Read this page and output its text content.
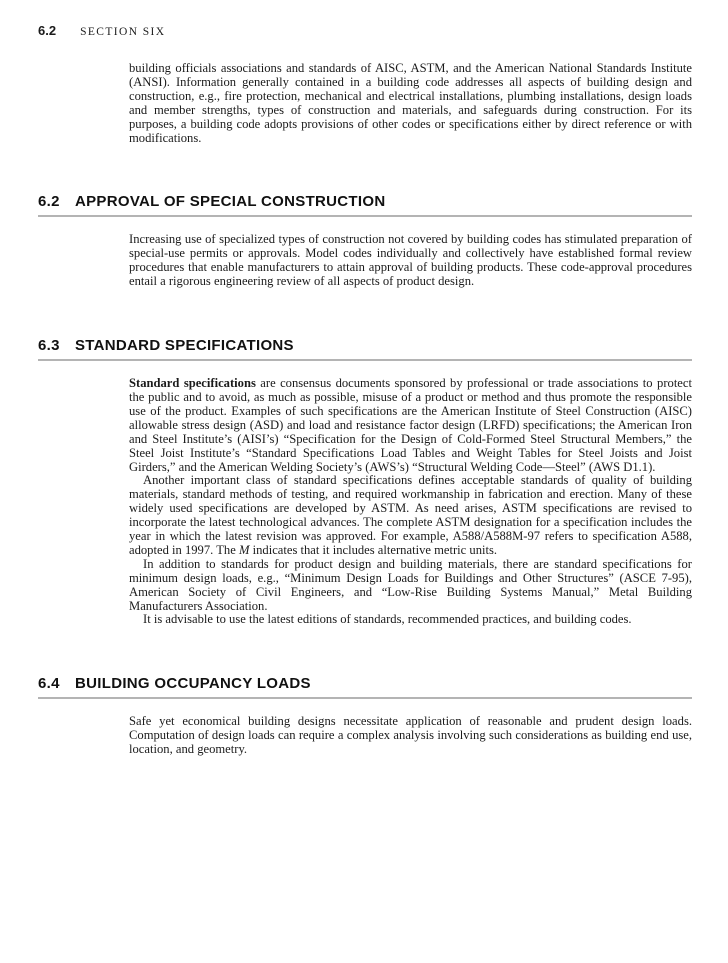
6.2 SECTION SIX

building officials associations and standards of AISC, ASTM, and the American National Standards Institute (ANSI). Information generally contained in a building code addresses all aspects of building design and construction, e.g., fire protection, mechanical and electrical installations, plumbing installations, design loads and member strengths, types of construction and materials, and safeguards during construction. For its purposes, a building code adopts provisions of other codes or specifications either by direct reference or with modifications.

6.2	APPROVAL OF SPECIAL CONSTRUCTION

Increasing use of specialized types of construction not covered by building codes has stimulated preparation of special-use permits or approvals. Model codes individually and collectively have established formal review procedures that enable manufacturers to attain approval of building products. These code-approval procedures entail a rigorous engineering review of all aspects of product design.

6.3	STANDARD SPECIFICATIONS

Standard specifications are consensus documents sponsored by professional or trade associations to protect the public and to avoid, as much as possible, misuse of a product or method and thus promote the responsible use of the product. Examples of such specifications are the American Institute of Steel Construction (AISC) allowable stress design (ASD) and load and resistance factor design (LRFD) specifications; the American Iron and Steel Institute’s (AISI’s) “Specification for the Design of Cold-Formed Steel Structural Members,” the Steel Joist Institute’s “Standard Specifications Load Tables and Weight Tables for Steel Joists and Joist Girders,” and the American Welding Society’s (AWS’s) “Structural Welding Code—Steel” (AWS D1.1).

Another important class of standard specifications defines acceptable standards of quality of building materials, standard methods of testing, and required workmanship in fabrication and erection. Many of these widely used specifications are developed by ASTM. As need arises, ASTM specifications are revised to incorporate the latest technological advances. The complete ASTM designation for a specification includes the year in which the latest revision was approved. For example, A588/A588M-97 refers to specification A588, adopted in 1997. The M indicates that it includes alternative metric units.

In addition to standards for product design and building materials, there are standard specifications for minimum design loads, e.g., “Minimum Design Loads for Buildings and Other Structures” (ASCE 7-95), American Society of Civil Engineers, and “Low-Rise Building Systems Manual,” Metal Building Manufacturers Association.

It is advisable to use the latest editions of standards, recommended practices, and building codes.

6.4	BUILDING OCCUPANCY LOADS

Safe yet economical building designs necessitate application of reasonable and prudent design loads. Computation of design loads can require a complex analysis involving such considerations as building end use, location, and geometry.
